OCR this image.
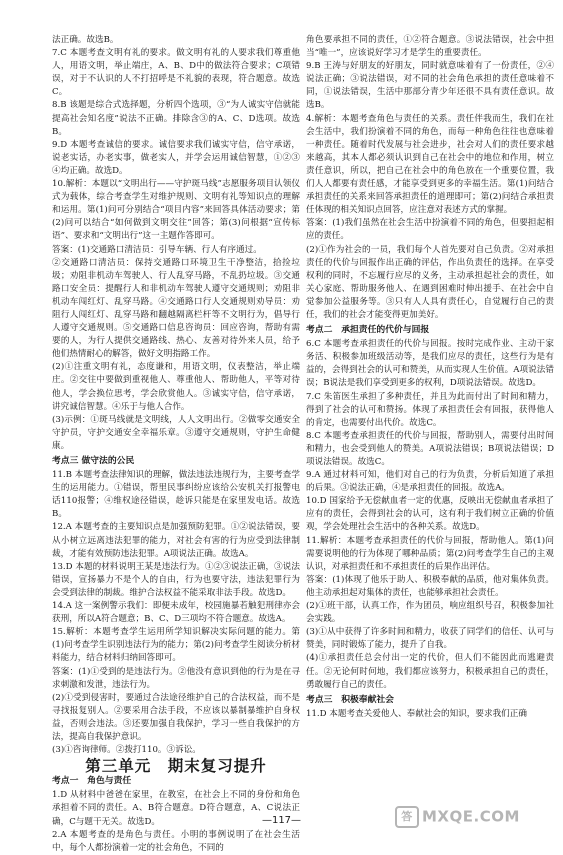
法正确。故选B。
7.C 本题考查文明有礼的要求。做文明有礼的人要求我们尊重他人，用语文明，举止端庄，A、B、D中的做法符合要求；C项错误，对于不认识的人不打招呼是不礼貌的表现，符合题意。故选C。
8.B 该题是综合式选择题，分析四个选项，③“为人诚实守信就能提高社会知名度”说法不正确。排除含③的A、C、D选项。故选B。
9.D 本题考查诚信的要求。诚信要求我们诚实守信，信守承诺，说老实话，办老实事，做老实人，并学会运用诚信智慧，①②③④均正确。故选D。
10.解析：本题以“文明出行——守护斑马线”志愿服务项目认领仪式为载体，综合考查学生对维护规则、文明有礼等知识点的理解和运用。第(1)问可分别结合“项目内容”来回答具体活动要求；第(2)问可以结合“如何做到文明交往”回答；第(3)问根据“宣传标语”、要求和“文明出行”这一主题作答即可。
答案：(1)交通路口清洁员：引导车辆、行人有序通过。
②交通路口清洁员：保持交通路口环境卫生干净整洁，拾捡垃圾；劝阻非机动车驾驶人、行人乱穿马路，不乱扔垃圾。③交通路口安全员：提醒行人和非机动车驾驶人遵守交通规则；劝阻非机动车闯红灯、乱穿马路。④交通路口行人交通规则劝导员：劝阻行人闯红灯、乱穿马路和翻越隔离栏杆等不文明行为，倡导行人遵守交通规则。⑤交通路口信息咨询员：回应咨询，帮助有需要的人，为行人提供交通路线、热心、友善对待外来人员，给予他们热情耐心的解答，做好文明指路工作。
(2)①注重文明有礼，态度谦和，用语文明，仪表整洁，举止端庄。②交往中要做到重视他人、尊重他人、帮助他人，平等对待他人，学会换位思考，学会欣赏他人。③诚实守信，信守承诺，讲究诚信智慧。④乐于与他人合作。
(3)示例：①斑马线就是文明线，人人文明出行。②做零交通安全守护员，守护交通安全幸福乐章。③遵守交通规则，守护生命健康。
考点三 做守法的公民
11.B 本题考查法律知识的理解，做法违法违规行为，主要考查学生的运用能力。①错误，帮里民事纠纷应该给公安机关打报警电话110报警；④维权途径错误，趁诉只能是在家里发电话。故选B。
12.A 本题考查的主要知识点是加强预防犯罪。①②说法错误，要从小树立远离违法犯罪的能力，对社会有害的行为应受到法律制裁，才能有效预防违法犯罪。A项说法正确。故选A。
13.D 本题的材料说明王某是违法行为。①②③说法正确，③说法错误，宣扬暴力不是个人的自由，行为也要守法，违法犯罪行为会受到法律的制裁。维护合法权益不能采取非法手段。故选D。
14.A 这一案例警示我们：即便未成年，校园施暴若触犯刑律亦会获刑，所以A符合题意；B、C、D三项均不符合题意。故选A。
15.解析：本题考查学生运用所学知识解决实际问题的能力。第(1)问考查学生识别违法行为的能力；第(2)问考查学生阅读分析材料能力，结合材料归纳回答即可。
答案：(1)①受到的是违法行为。②他没有意识到他的行为是在寻求刺激和发泄，违法行为。
(2)①受到侵害时，要通过合法途径维护自己的合法权益，而不是寻找报复别人。②要采用合法手段，不应该以暴制暴维护自身权益，否则会违法。③还要加强自我保护，学习一些自我保护的方法，提高自我保护意识。
(3)①咨询律师。②拨打110。③诉讼。
第三单元　期末复习提升
考点一　角色与责任
1.D 从材料中爸爸在家里，在教室，在社会上不同的身份和角色承担着不同的责任。A、B符合题意。D符合题意，A、C说法正确，C与题干无关。故选D。
2.A 本题考查的是角色与责任。小明的事例说明了在社会生活中，每个人都扮演着一定的社会角色，不同的
角色要承担不同的责任，①②符合题意。③说法错误，社会中担当“唯一”，应该说好学习才是学生的重要责任。
9.B 王涛与好朋友的好朋友，同时就意味着有了一份责任，②④说法正确；③说法错误，对不同的社会角色承担的责任意味着不同，①说法错误，生活中那部分青少年还很不具有责任意识。故选B。
4.解析：本题考查角色与责任的关系。责任伴我而生，我们在社会生活中，我们扮演着不同的角色，而每一种角色往往也意味着一种责任。随着时代发展与社会进步，社会对人们的责任要求越来越高，其本人都必须认识到自己在社会中的地位和作用，树立责任意识，所以，把自己在社会中的角色放在一个重要位置，我们人人都要有责任感，才能享受到更多的幸福生活。第(1)问结合承担责任的关系来回答承担责任的道理即可；第(2)问结合承担责任体现的相关知识点回答，应注意对表述方式的掌握。
答案：(1)我们虽然在社会生活中扮演着不同的角色，但要担起相应的责任。
(2)①作为社会的一员，我们每个人首先要对自己负责。②对承担责任的代价与回报作出正确的评估，作出负责任的选择。在享受权利的同时，不忘履行应尽的义务，主动承担起社会的责任，如关心家庭、帮助服务他人、在遇到困难时伸出援手、在社会中自觉参加公益服务等。③只有人人具有责任心，自觉履行自己的责任，我们的社会才能变得更加美好。
考点二　承担责任的代价与回报
6.C 本题考查承担责任的代价与回报。按时完成作业、主动干家务活、积极参加班级活动等，是我们应尽的责任，这些行为是有益的，会得到社会的认可和赞美，从而实现人生价值。A项说法错误；B说法是我们享受到更多的权利，D项说法错误。故选D。
7.C 朱笛医生承担了多种责任，并且为此而付出了时间和精力，得到了社会的认可和赞扬。体现了承担责任会有回报，获得他人的肯定，也需要付出代价。故选C。
8.C 本题考查承担责任的代价与回报，帮助别人，需要付出时间和精力，也会受到他人的赞美。A项说法错误；B项说法错误；D项说法错误。故选C。
9.A 通过材料可知，他们对自己的行为负责，分析后知道了承担的后果。③说法正确，④是承担责任的回报。故选A。
10.D 国家给予无偿献血者一定的优惠，反映出无偿献血者承担了应有的责任，会得到社会的认可，这有利于我们树立正确的价值观，学会处理社会生活中的各种关系。故选D。
11.解析：本题考查承担责任的代价与回报，帮助他人。第(1)问需要说明他的行为体现了哪种品质；第(2)问考查学生自己的主观认识，对承担责任和不承担责任的后果作出评估。
答案：(1)体现了他乐于助人、积极奉献的品质，他对集体负责。他主动承担起对集体的责任，也能够承担社会责任。
(2)①班干部，认真工作，作为团员，响应组织号召，积极参加社会实践。
(3)①从中获得了许多时间和精力，收获了同学们的信任、认可与赞美，同时锻炼了能力，提升了自我。
(4)①承担责任总会付出一定的代价，但人们不能因此而逃避责任。②无论何时何地，我们都应该努力，积极承担自己的责任，勇敢履行自己的责任。
考点三　积极奉献社会
11.D 本题考查关爱他人、奉献社会的知识，要求我们正确
—117—	答 MXQE.COM
